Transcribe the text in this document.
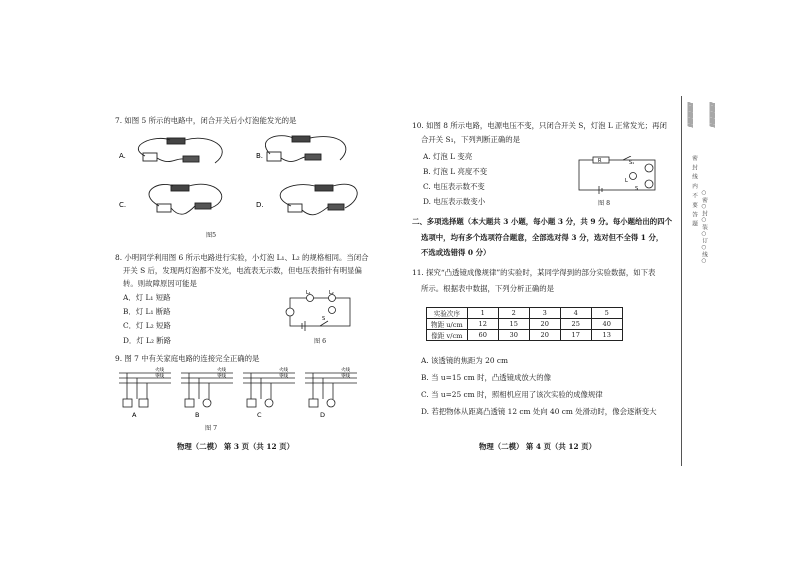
7. 如图 5 所示的电路中，闭合开关后小灯泡能发光的是
A.	B.
C.	D.
图5
8. 小明同学利用图 6 所示电路进行实验，小灯泡 L₁、L₂ 的规格相同。当闭合
开关 S 后，发现两灯泡都不发光，电流表无示数，但电压表指针有明显偏
转。则故障原因可能是
A．灯 L₁ 短路
B．灯 L₁ 断路
C．灯 L₂ 短路
D．灯 L₂ 断路
L₁	L₂
S
图 6
9. 图 7 中有关家庭电路的连接完全正确的是
火线
零线
火线
零线
火线
零线
火线
零线
A	B	C	D
图 7
物理（二模） 第 3 页（共 12 页）
10. 如图 8 所示电路，电源电压不变，只闭合开关 S，灯泡 L 正常发光；再闭
合开关 S₁，下列判断正确的是
A. 灯泡 L 变亮
B. 灯泡 L 亮度不变
C. 电压表示数不变
D. 电压表示数变小
R	S₁
L
S
图 8
二、多项选择题（本大题共 3 小题，每小题 3 分，共 9 分。每小题给出的四个
选项中，均有多个选项符合题意，全部选对得 3 分，选对但不全得 1 分，
不选或选错得 0 分）
11. 探究“凸透镜成像规律”的实验时，某同学得到的部分实验数据，如下表
所示。根据表中数据，下列分析正确的是
实验次序	1	2	3	4	5
物距 u/cm	12	15	20	25	40
像距 v/cm	60	30	20	17	13
A. 该透镜的焦距为 20 cm
B. 当 u=15 cm 时，凸透镜成放大的像
C. 当 u=25 cm 时，照相机应用了该次实验的成像规律
D. 若把物体从距离凸透镜 12 cm 处向 40 cm 处滑动时，像会逐渐变大
物理（二模） 第 4 页（共 12 页）
////////////////////////	////////////////////////
密 封 线 内 不 要 答 题 ○密○封○装○订○线○
